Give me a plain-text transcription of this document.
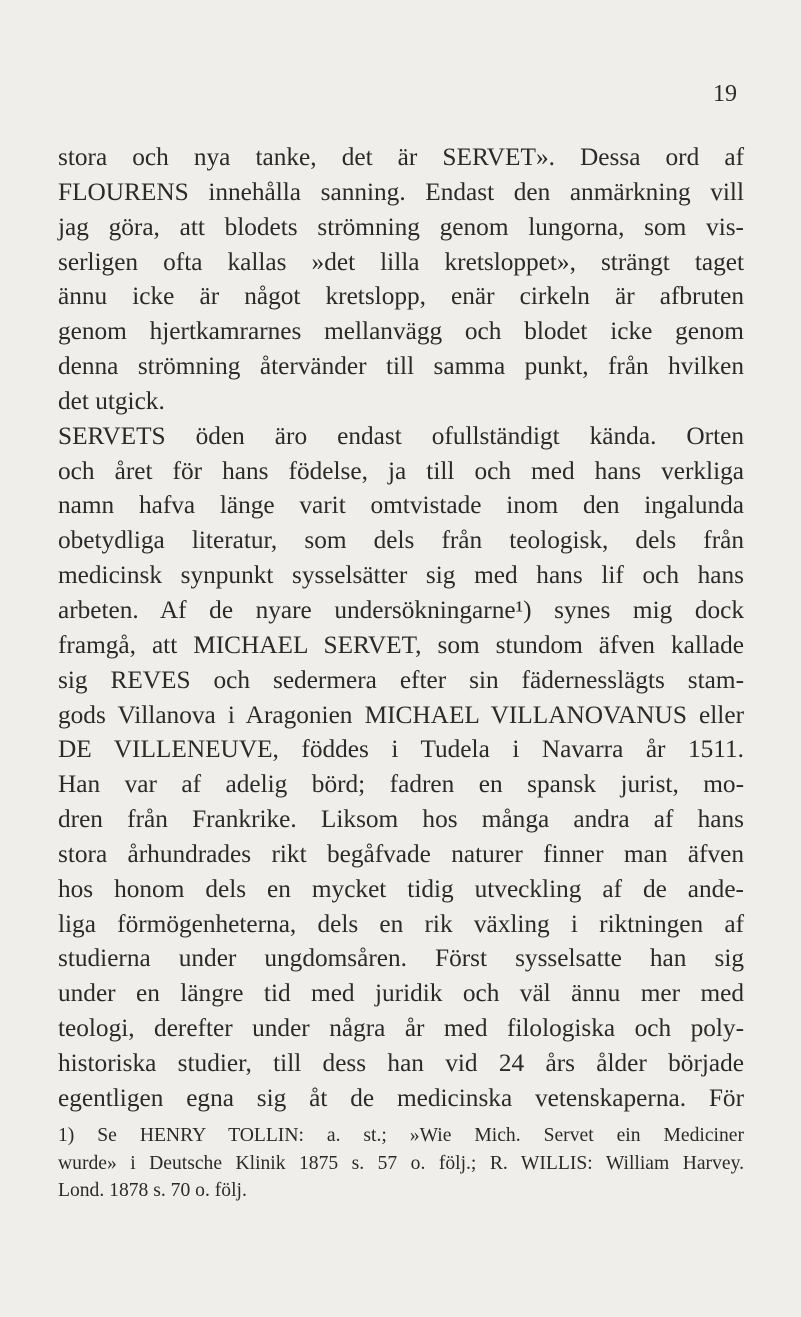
19
stora och nya tanke, det är SERVET». Dessa ord af
FLOURENS innehålla sanning. Endast den anmärkning vill
jag göra, att blodets strömning genom lungorna, som vis-
serligen ofta kallas »det lilla kretsloppet», strängt taget
ännu icke är något kretslopp, enär cirkeln är afbruten
genom hjertkamrarnes mellanvägg och blodet icke genom
denna strömning återvänder till samma punkt, från hvilken
det utgick.
SERVETS öden äro endast ofullständigt kända. Orten
och året för hans födelse, ja till och med hans verkliga
namn hafva länge varit omtvistade inom den ingalunda
obetydliga literatur, som dels från teologisk, dels från
medicinsk synpunkt sysselsätter sig med hans lif och hans
arbeten. Af de nyare undersökningarne¹) synes mig dock
framgå, att MICHAEL SERVET, som stundom äfven kallade
sig REVES och sedermera efter sin fädernesslägts stam-
gods Villanova i Aragonien MICHAEL VILLANOVANUS eller
DE VILLENEUVE, föddes i Tudela i Navarra år 1511.
Han var af adelig börd; fadren en spansk jurist, mo-
dren från Frankrike. Liksom hos många andra af hans
stora århundrades rikt begåfvade naturer finner man äfven
hos honom dels en mycket tidig utveckling af de ande-
liga förmögenheterna, dels en rik växling i riktningen af
studierna under ungdomsåren. Först sysselsatte han sig
under en längre tid med juridik och väl ännu mer med
teologi, derefter under några år med filologiska och poly-
historiska studier, till dess han vid 24 års ålder började
egentligen egna sig åt de medicinska vetenskaperna. För
1) Se HENRY TOLLIN: a. st.; »Wie Mich. Servet ein Mediciner
wurde» i Deutsche Klinik 1875 s. 57 o. följ.; R. WILLIS: William Harvey.
Lond. 1878 s. 70 o. följ.
